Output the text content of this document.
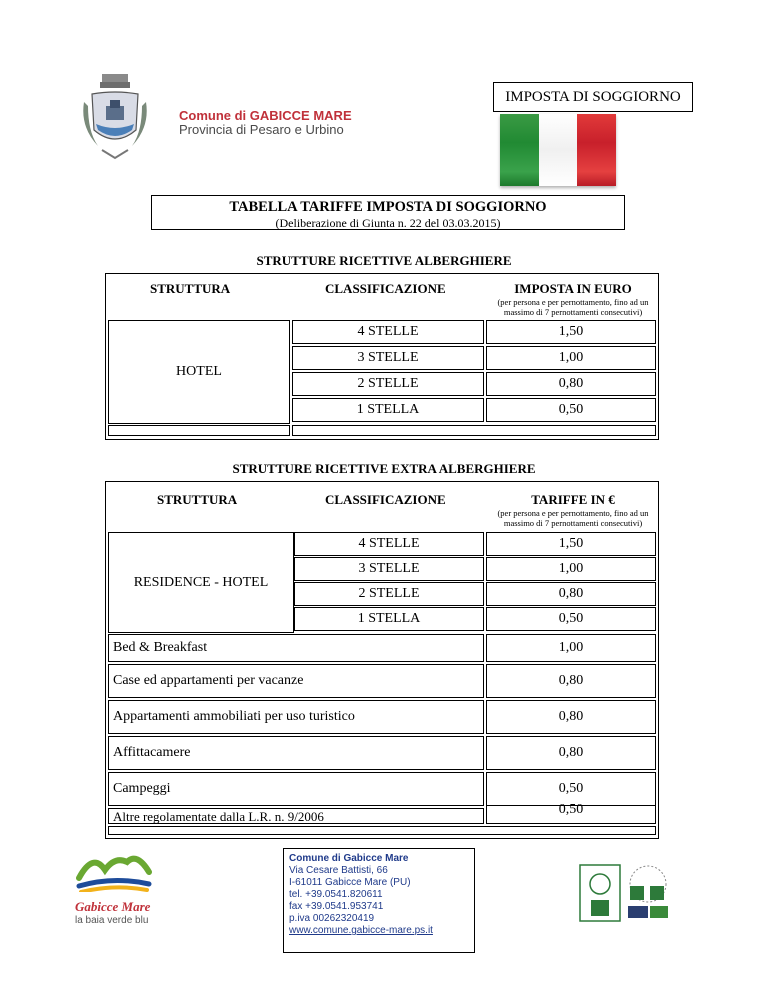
Comune di GABICCE MARE
Provincia di Pesaro e Urbino
IMPOSTA DI SOGGIORNO
TABELLA TARIFFE IMPOSTA DI SOGGIORNO
(Deliberazione di Giunta n. 22 del 03.03.2015)
STRUTTURE RICETTIVE ALBERGHIERE
STRUTTURA	CLASSIFICAZIONE	IMPOSTA IN EURO
(per persona e per pernottamento, fino ad un massimo di 7 pernottamenti consecutivi)
HOTEL
4 STELLE	1,50
3 STELLE	1,00
2 STELLE	0,80
1 STELLA	0,50
STRUTTURE RICETTIVE EXTRA ALBERGHIERE
STRUTTURA	CLASSIFICAZIONE	TARIFFE IN €
(per persona e per pernottamento, fino ad un massimo di 7 pernottamenti consecutivi)
RESIDENCE - HOTEL
4 STELLE	1,50
3 STELLE	1,00
2 STELLE	0,80
1 STELLA	0,50
Bed & Breakfast	1,00
Case ed appartamenti per vacanze	0,80
Appartamenti ammobiliati per uso turistico	0,80
Affittacamere	0,80
Campeggi	0,50
Altre regolamentate dalla L.R. n. 9/2006	0,50
Gabicce Mare
la baia verde blu
Comune di Gabicce Mare
Via Cesare Battisti, 66
I-61011 Gabicce Mare (PU)
tel. +39.0541.820611
fax +39.0541.953741
p.iva 00262320419
www.comune.gabicce-mare.ps.it
